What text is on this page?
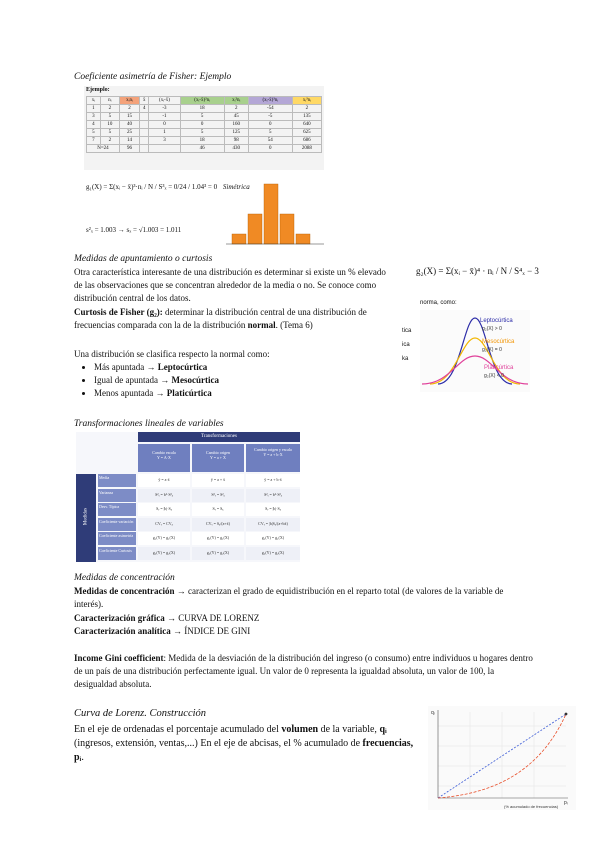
Coeficiente asimetría de Fisher: Ejemplo
Ejemplo:
xᵢ	nᵢ	xᵢnᵢ	x̄	(xᵢ-x̄)	(xᵢ-x̄)²nᵢ	xᵢ²nᵢ	(xᵢ-x̄)³nᵢ	xᵢ³nᵢ
1	2	2	4	-3	18	2	-54	2
3	5	15		-1	5	45	-5	135
4	10	40		0	0	160	0	640
5	5	25		1	5	125	5	625
7	2	14		3	18	98	54	686
N=24		96			46	430	0	2088
g₁(X) = Σ(xᵢ − x̄)³·nᵢ / N / S³ₓ = 0/24 / 1.04³ = 0 Simétrica
s²ₓ = 1.003 → sₓ = √1.003 = 1.011
Medidas de apuntamiento o curtosis
Otra característica interesante de una distribución es determinar si existe un % elevado de las observaciones que se concentran alrededor de la media o no. Se conoce como distribución central de los datos.
Curtosis de Fisher (g₂): determinar la distribución central de una distribución de frecuencias comparada con la de la distribución normal. (Tema 6)
g₂(X) = Σ(xᵢ − x̄)⁴ · nᵢ / N / S⁴ₓ − 3
Leptocúrtica
g₂(X) > 0
Mesocúrtica
g₂(X) = 0
Platicúrtica
g₂(X) < 0
norma, como:
tica
ica
ka
Una distribución se clasifica respecto la normal como:
• Más apuntada → Leptocúrtica
• Igual de apuntada → Mesocúrtica
• Menos apuntada → Platicúrtica
Transformaciones lineales de variables
Transformaciones
Cambio escala
Y = A·X
Cambio origen
Y = a + X
Cambio origen y escala
Y = a + b·X
Medidas
Media	ȳ = a·x̄	ȳ = a + x̄	ȳ = a + b·x̄
Varianza	S²ᵧ = b²·S²ₓ	S²ᵧ = S²ₓ	S²ᵧ = b²·S²ₓ
Desv. Típica	Sᵧ = |b|·Sₓ	Sᵧ = Sₓ	Sᵧ = |b|·Sₓ
Coeficiente variación	CVᵧ = CVₓ	CVᵧ = Sₓ/(a+x̄)	CVᵧ = |b|Sₓ/(a+bx̄)
Coeficiente asimetría	g₁(Y) = g₁(X)	g₁(Y) = g₁(X)	g₁(Y) = g₁(X)
Coeficiente Curtosis	g₂(Y) = g₂(X)	g₂(Y) = g₂(X)	g₂(Y) = g₂(X)
Medidas de concentración
Medidas de concentración → caracterizan el grado de equidistribución en el reparto total (de valores de la variable de interés).
Caracterización gráfica → CURVA DE LORENZ
Caracterización analítica → ÍNDICE DE GINI
Income Gini coefficient: Medida de la desviación de la distribución del ingreso (o consumo) entre individuos u hogares dentro de un país de una distribución perfectamente igual. Un valor de 0 representa la igualdad absoluta, un valor de 100, la desigualdad absoluta.
Curva de Lorenz. Construcción
En el eje de ordenadas el porcentaje acumulado del volumen de la variable, qᵢ (ingresos, extensión, ventas,...) En el eje de abcisas, el % acumulado de frecuencias, pᵢ.
qᵢ
pᵢ
(% acumulado de frecuencias)
